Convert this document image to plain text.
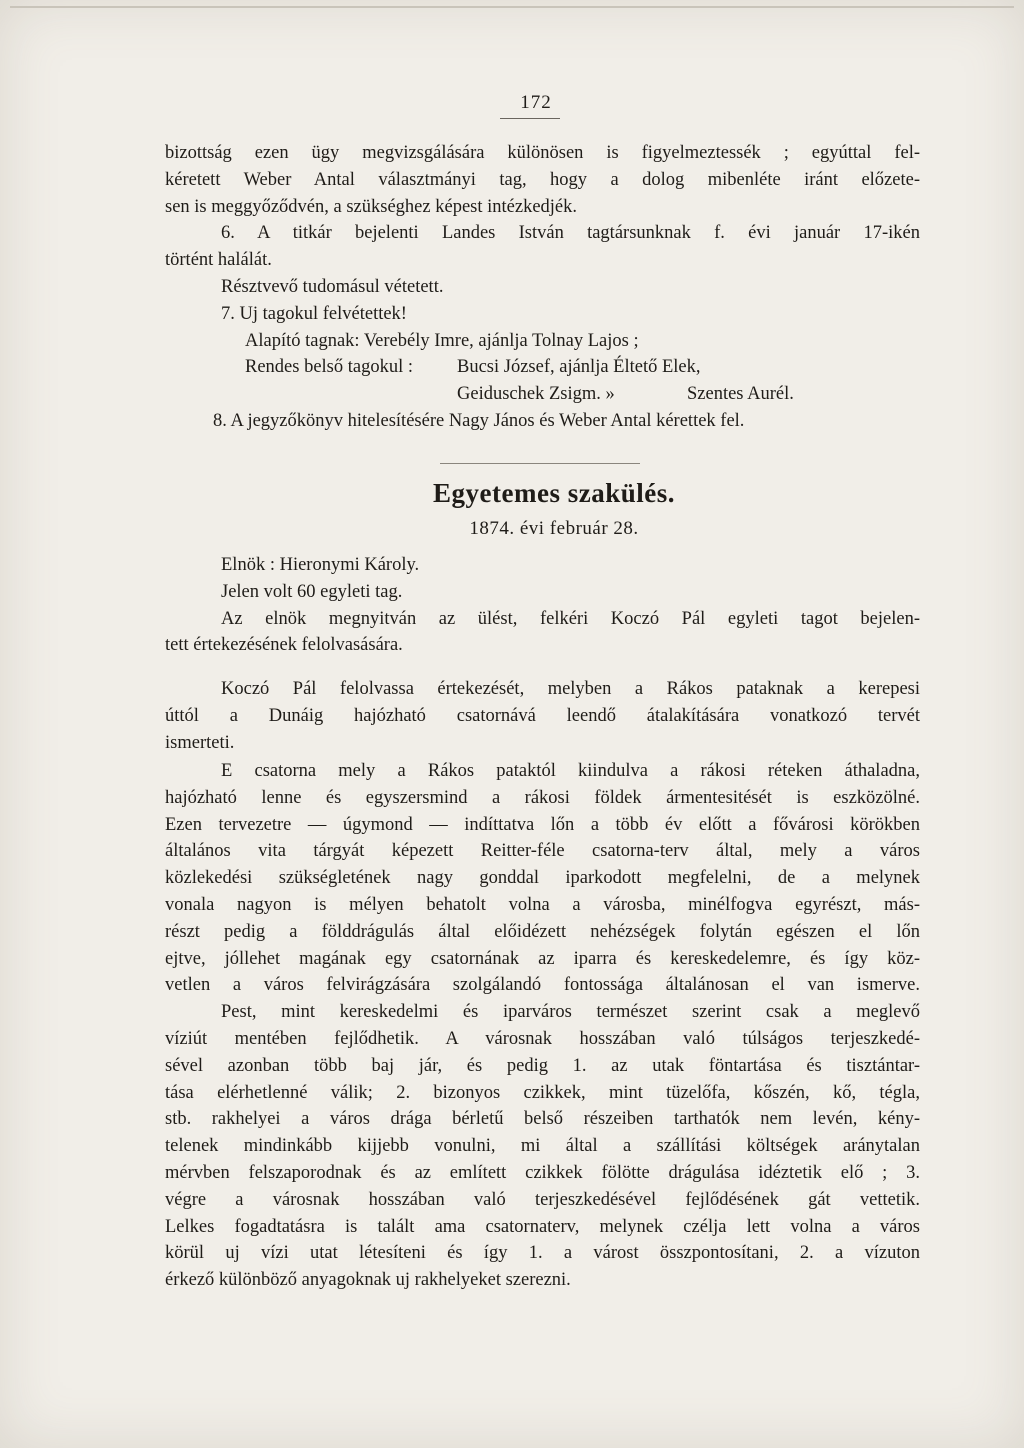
172
bizottság ezen ügy megvizsgálására különösen is figyelmeztessék ; egyúttal fel-
kéretett Weber Antal választmányi tag, hogy a dolog mibenléte iránt előzete-
sen is meggyőződvén, a szükséghez képest intézkedjék.
6. A titkár bejelenti Landes István tagtársunknak f. évi január 17-ikén
történt halálát.
Résztvevő tudomásul vétetett.
7. Uj tagokul felvétettek!
Alapító tagnak: Verebély Imre, ajánlja Tolnay Lajos ;
Rendes belső tagokul :	Bucsi József, ajánlja Éltető Elek,
Geiduschek Zsigm. »	Szentes Aurél.
8. A jegyzőkönyv hitelesítésére Nagy János és Weber Antal kérettek fel.
Egyetemes szakülés.
1874. évi február 28.
Elnök : Hieronymi Károly.
Jelen volt 60 egyleti tag.
Az elnök megnyitván az ülést, felkéri Koczó Pál egyleti tagot bejelen-
tett értekezésének felolvasására.
Koczó Pál felolvassa értekezését, melyben a Rákos pataknak a kerepesi
úttól a Dunáig hajózható csatornává leendő átalakítására vonatkozó tervét
ismerteti.
E csatorna mely a Rákos pataktól kiindulva a rákosi réteken áthaladna,
hajózható lenne és egyszersmind a rákosi földek ármentesitését is eszközölné.
Ezen tervezetre — úgymond — indíttatva lőn a több év előtt a fővárosi körökben
általános vita tárgyát képezett Reitter-féle csatorna-terv által, mely a város
közlekedési szükségletének nagy gonddal iparkodott megfelelni, de a melynek
vonala nagyon is mélyen behatolt volna a városba, minélfogva egyrészt, más-
részt pedig a földdrágulás által előidézett nehézségek folytán egészen el lőn
ejtve, jóllehet magának egy csatornának az iparra és kereskedelemre, és így köz-
vetlen a város felvirágzására szolgálandó fontossága általánosan el van ismerve.
Pest, mint kereskedelmi és iparváros természet szerint csak a meglevő
víziút mentében fejlődhetik. A városnak hosszában való túlságos terjeszkedé-
sével azonban több baj jár, és pedig 1. az utak föntartása és tisztántar-
tása elérhetlenné válik; 2. bizonyos czikkek, mint tüzelőfa, kőszén, kő, tégla,
stb. rakhelyei a város drága bérletű belső részeiben tarthatók nem levén, kény-
telenek mindinkább kijjebb vonulni, mi által a szállítási költségek aránytalan
mérvben felszaporodnak és az említett czikkek fölötte drágulása idéztetik elő ; 3.
végre a városnak hosszában való terjeszkedésével fejlődésének gát vettetik.
Lelkes fogadtatásra is talált ama csatornaterv, melynek czélja lett volna a város
körül uj vízi utat létesíteni és így 1. a várost összpontosítani, 2. a vízuton
érkező különböző anyagoknak uj rakhelyeket szerezni.
